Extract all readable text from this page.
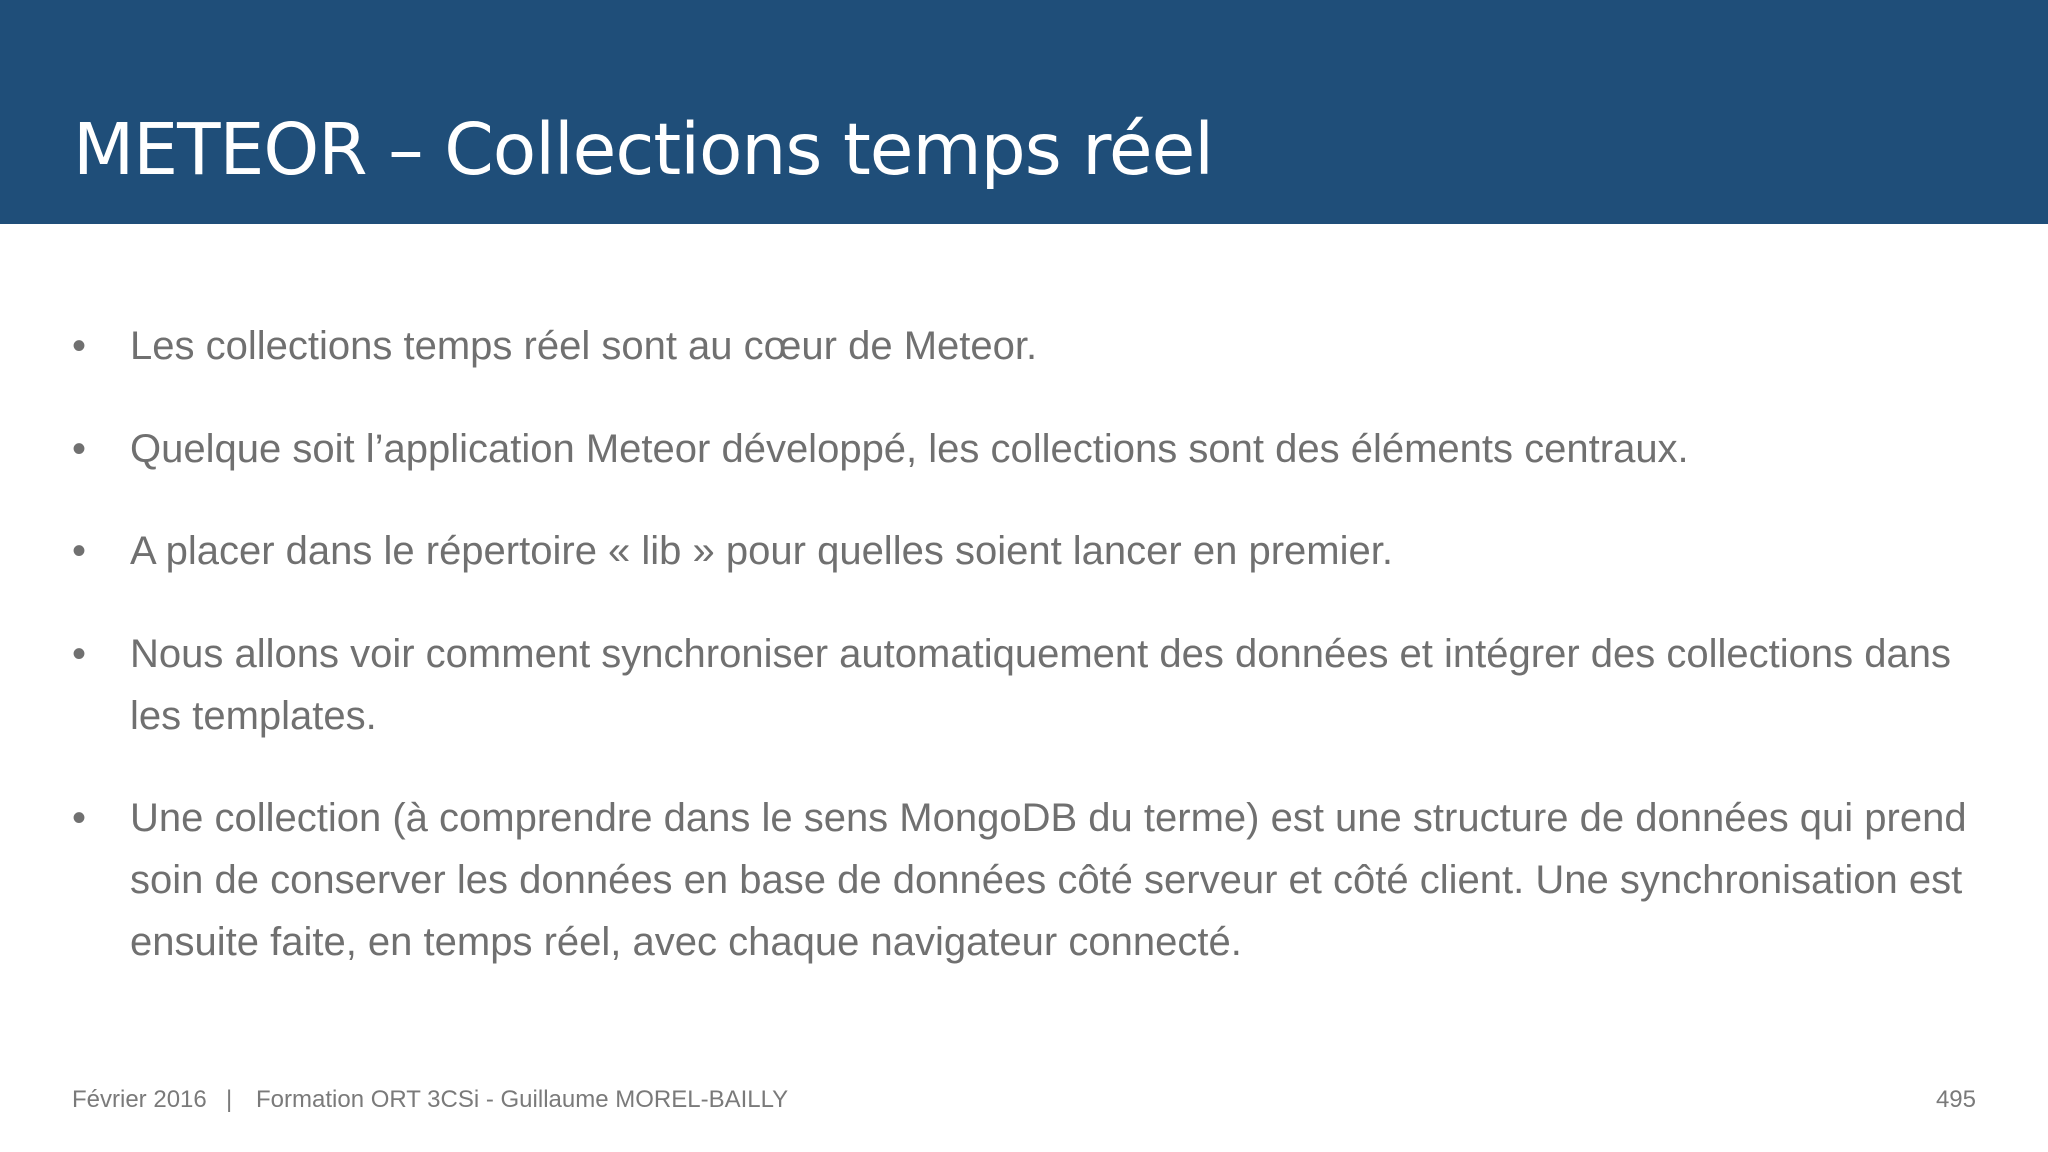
METEOR – Collections temps réel
• Les collections temps réel sont au cœur de Meteor.
• Quelque soit l’application Meteor développé, les collections sont des éléments centraux.
• A placer dans le répertoire « lib » pour quelles soient lancer en premier.
• Nous allons voir comment synchroniser automatiquement des données et intégrer des collections dans les templates.
• Une collection (à comprendre dans le sens MongoDB du terme) est une structure de données qui prend soin de conserver les données en base de données côté serveur et côté client. Une synchronisation est ensuite faite, en temps réel, avec chaque navigateur connecté.
Février 2016 | Formation ORT 3CSi - Guillaume MOREL-BAILLY	495
